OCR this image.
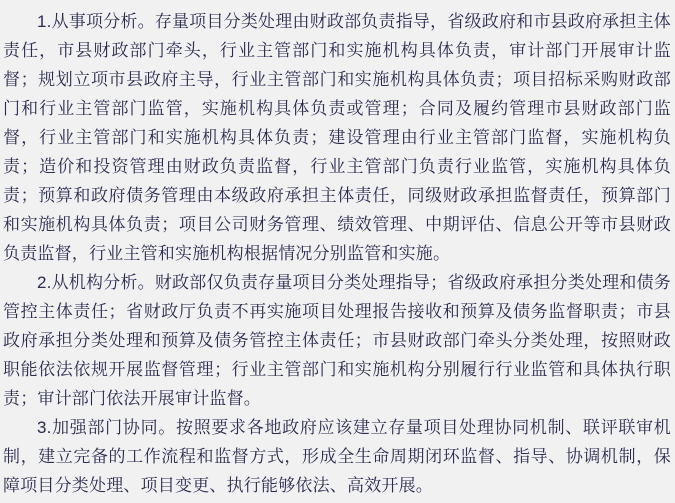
1.从事项分析。存量项目分类处理由财政部负责指导，省级政府和市县政府承担主体责任，市县财政部门牵头，行业主管部门和实施机构具体负责，审计部门开展审计监督；规划立项市县政府主导，行业主管部门和实施机构具体负责；项目招标采购财政部门和行业主管部门监管，实施机构具体负责或管理；合同及履约管理市县财政部门监督，行业主管部门和实施机构具体负责；建设管理由行业主管部门监督，实施机构负责；造价和投资管理由财政负责监督，行业主管部门负责行业监管，实施机构具体负责；预算和政府债务管理由本级政府承担主体责任，同级财政承担监督责任，预算部门和实施机构具体负责；项目公司财务管理、绩效管理、中期评估、信息公开等市县财政负责监督，行业主管和实施机构根据情况分别监管和实施。

2.从机构分析。财政部仅负责存量项目分类处理指导；省级政府承担分类处理和债务管控主体责任；省财政厅负责不再实施项目处理报告接收和预算及债务监督职责；市县政府承担分类处理和预算及债务管控主体责任；市县财政部门牵头分类处理，按照财政职能依法依规开展监督管理；行业主管部门和实施机构分别履行行业监管和具体执行职责；审计部门依法开展审计监督。

3.加强部门协同。按照要求各地政府应该建立存量项目处理协同机制、联评联审机制，建立完备的工作流程和监督方式，形成全生命周期闭环监督、指导、协调机制，保障项目分类处理、项目变更、执行能够依法、高效开展。
